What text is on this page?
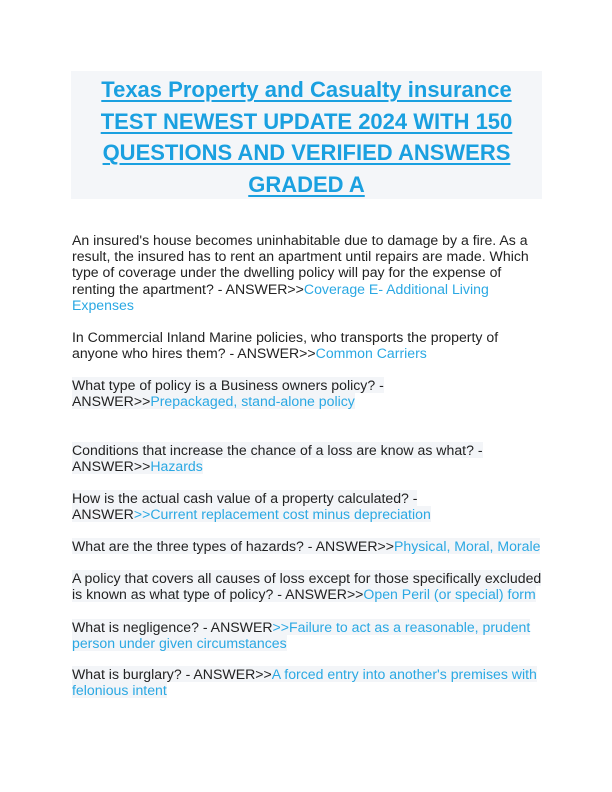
Texas Property and Casualty insurance
TEST NEWEST UPDATE 2024 WITH 150
QUESTIONS AND VERIFIED ANSWERS
GRADED A
An insured's house becomes uninhabitable due to damage by a fire. As a
result, the insured has to rent an apartment until repairs are made. Which
type of coverage under the dwelling policy will pay for the expense of
renting the apartment? - ANSWER>>Coverage E- Additional Living
Expenses
In Commercial Inland Marine policies, who transports the property of
anyone who hires them? - ANSWER>>Common Carriers
What type of policy is a Business owners policy? -
ANSWER>>Prepackaged, stand-alone policy
Conditions that increase the chance of a loss are know as what? -
ANSWER>>Hazards
How is the actual cash value of a property calculated? -
ANSWER>>Current replacement cost minus depreciation
What are the three types of hazards? - ANSWER>>Physical, Moral, Morale
A policy that covers all causes of loss except for those specifically excluded
is known as what type of policy? - ANSWER>>Open Peril (or special) form
What is negligence? - ANSWER>>Failure to act as a reasonable, prudent
person under given circumstances
What is burglary? - ANSWER>>A forced entry into another's premises with
felonious intent
